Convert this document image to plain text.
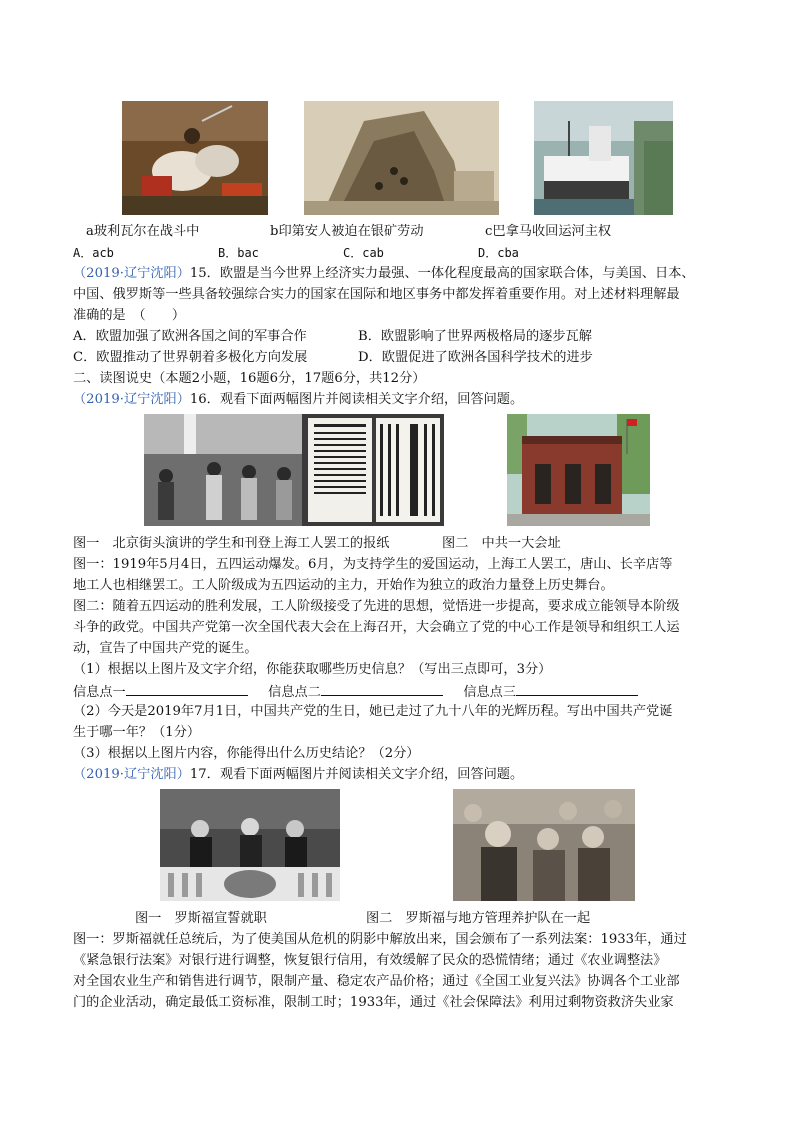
a玻利瓦尔在战斗中	b印第安人被迫在银矿劳动	c巴拿马收回运河主权
A．acb	B．bac	C．cab	D．cba
（2019·辽宁沈阳）15．欧盟是当今世界上经济实力最强、一体化程度最高的国家联合体，与美国、日本、
中国、俄罗斯等一些具备较强综合实力的国家在国际和地区事务中都发挥着重要作用。对上述材料理解最
准确的是　（　　）
A．欧盟加强了欧洲各国之间的军事合作	B．欧盟影响了世界两极格局的逐步瓦解
C．欧盟推动了世界朝着多极化方向发展	D．欧盟促进了欧洲各国科学技术的进步
二、读图说史（本题2小题，16题6分，17题6分，共12分）
（2019·辽宁沈阳）16．观看下面两幅图片并阅读相关文字介绍，回答问题。
图一　北京街头演讲的学生和刊登上海工人罢工的报纸	图二　中共一大会址
图一：1919年5月4日，五四运动爆发。6月，为支持学生的爱国运动，上海工人罢工，唐山、长辛店等
地工人也相继罢工。工人阶级成为五四运动的主力，开始作为独立的政治力量登上历史舞台。
图二：随着五四运动的胜利发展，工人阶级接受了先进的思想，觉悟进一步提高，要求成立能领导本阶级
斗争的政党。中国共产党第一次全国代表大会在上海召开，大会确立了党的中心工作是领导和组织工人运
动，宣告了中国共产党的诞生。
（1）根据以上图片及文字介绍，你能获取哪些历史信息？（写出三点即可，3分）
信息点一	信息点二	信息点三
（2）今天是2019年7月1日，中国共产党的生日，她已走过了九十八年的光辉历程。写出中国共产党诞
生于哪一年？（1分）
（3）根据以上图片内容，你能得出什么历史结论？（2分）
（2019·辽宁沈阳）17．观看下面两幅图片并阅读相关文字介绍，回答问题。
图一　罗斯福宣誓就职	图二　罗斯福与地方管理养护队在一起
图一：罗斯福就任总统后，为了使美国从危机的阴影中解放出来，国会颁布了一系列法案：1933年，通过
《紧急银行法案》对银行进行调整，恢复银行信用，有效缓解了民众的恐慌情绪；通过《农业调整法》
对全国农业生产和销售进行调节，限制产量、稳定农产品价格；通过《全国工业复兴法》协调各个工业部
门的企业活动，确定最低工资标准，限制工时；1933年，通过《社会保障法》利用过剩物资救济失业家
